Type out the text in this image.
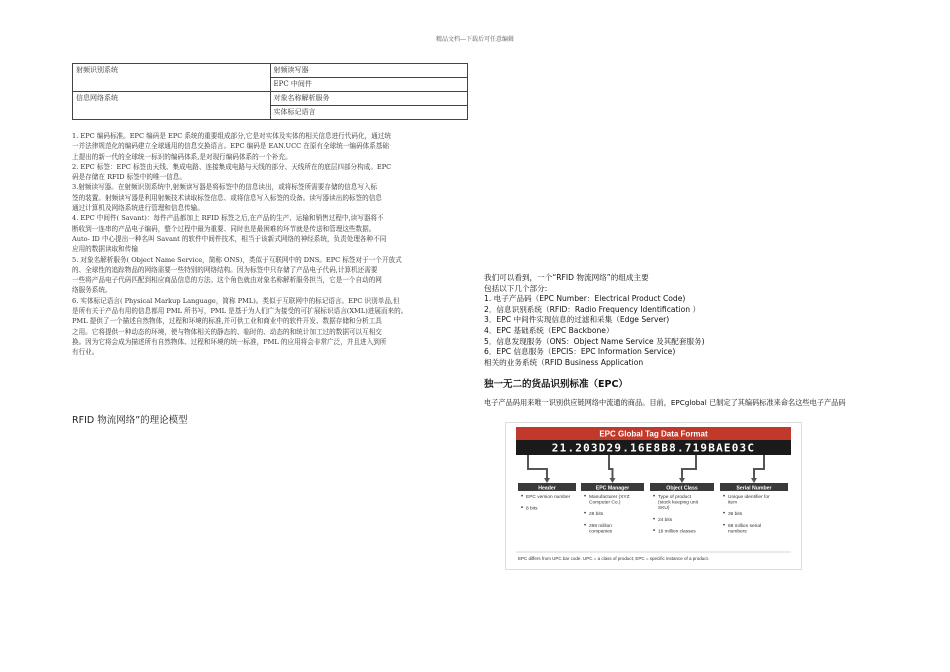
精品文档---下载后可任意编辑
射频识别系统	射频读写器
	EPC 中间件
信息网络系统	对象名称解析服务
	实体标记语言

1. EPC 编码标准。EPC 编码是 EPC 系统的重要组成部分,它是对实体及实体的相关信息进行代码化，通过统

一并法律规范化的编码建立全球通用的信息交换语言。EPC 编码是 EAN.UCC 在原有全球统一编码体系基础

上提出的新一代的全球统一标识的编码体系,是对现行编码体系的一个补充。

2. EPC 标签：EPC 标签由天线、集成电路、连接集成电路与天线的部分、天线所在的底层四部分构成。EPC

码是存储在 RFID 标签中的唯一信息。

3.射频读写器。在射频识别系统中,射频读写器是将标签中的信息读出，或将标签所需要存储的信息写入标

签的装置。射频读写器是利用射频技术读取标签信息、或将信息写入标签的设备。读写器读出的标签的信息

通过计算机及网络系统进行管理和信息传输。

4. EPC 中间件( Savant)：每件产品都加上 RFID 标签之后,在产品的生产、运输和销售过程中,读写器将不

断收到一连串的产品电子编码，整个过程中最为重要、同时也是最困难的环节就是传送和管理这些数据。

Auto- ID 中心提出一种名叫 Savant 的软件中间件技术，相当于该新式网络的神经系统，负责处理各种不同

应用的数据读取和传输

5. 对象名解析服务( Object Name Service，简称 ONS)，类似于互联网中的 DNS。EPC 标签对于一个开放式

的、全球性的追踪物品的网络需要一些特别的网络结构。因为标签中只存储了产品电子代码,计算机还需要

一些将产品电子代码匹配到相应商品信息的方法。这个角色就由对象名称解析服务担当，它是一个自动的网

络服务系统。

6. 实体标记语言( Physical Markup Language，简称 PML)。类似于互联网中的标记语言。EPC 识别单品,但

是所有关于产品有用的信息都用 PML 所书写，PML 是基于为人们广为接受的可扩展标识语言(XML)进展而来的。

PML 提供了一个描述自然物体，过程和环境的标准,并可供工业和商业中的软件开发、数据存储和分析工具

之用。它将提供一种动态的环境，使与物体相关的静态的、临时的、动态的和统计加工过的数据可以互相交

换。因为它将会成为描述所有自然物体、过程和环境的统一标准，PML 的应用将会非常广泛，并且进入到所

有行业。

RFID 物流网络”的理论模型
我们可以看到，一个“RFID 物流网络”的组成主要
包括以下几个部分:
1. 电子产品码（EPC Number：Electrical Product Code)
2．信息识别系统（RFID：Radio Frequency Identification ）
3．EPC 中间件实现信息的过滤和采集（Edge Server)
4．EPC 基础系统（EPC Backbone）
5．信息发现服务（ONS：Object Name Service 及其配套服务)
6．EPC 信息服务（EPCIS：EPC Information Service)
相关的业务系统（RFID Business Application
独一无二的货品识别标准（EPC）
电子产品码用来唯一识别供应链网络中流通的商品。目前，EPCglobal 已制定了其编码标准来命名这些电子产品码
EPC Global Tag Data Format
21.203D29.16E8B8.719BAE03C
Header
• EPC version number
• 8 bits
EPC Manager
• Manufacturer (XYZ Computer Co.)
• 28 bits
• 268 million companies
Object Class
• Type of product (stock keeping unit SKU)
• 24 bits
• 16 million classes
Serial Number
• Unique identifier for item
• 36 bits
• 68 million serial numbers
EPC differs from UPC bar code. UPC = a class of product; EPC = specific instance of a product.
